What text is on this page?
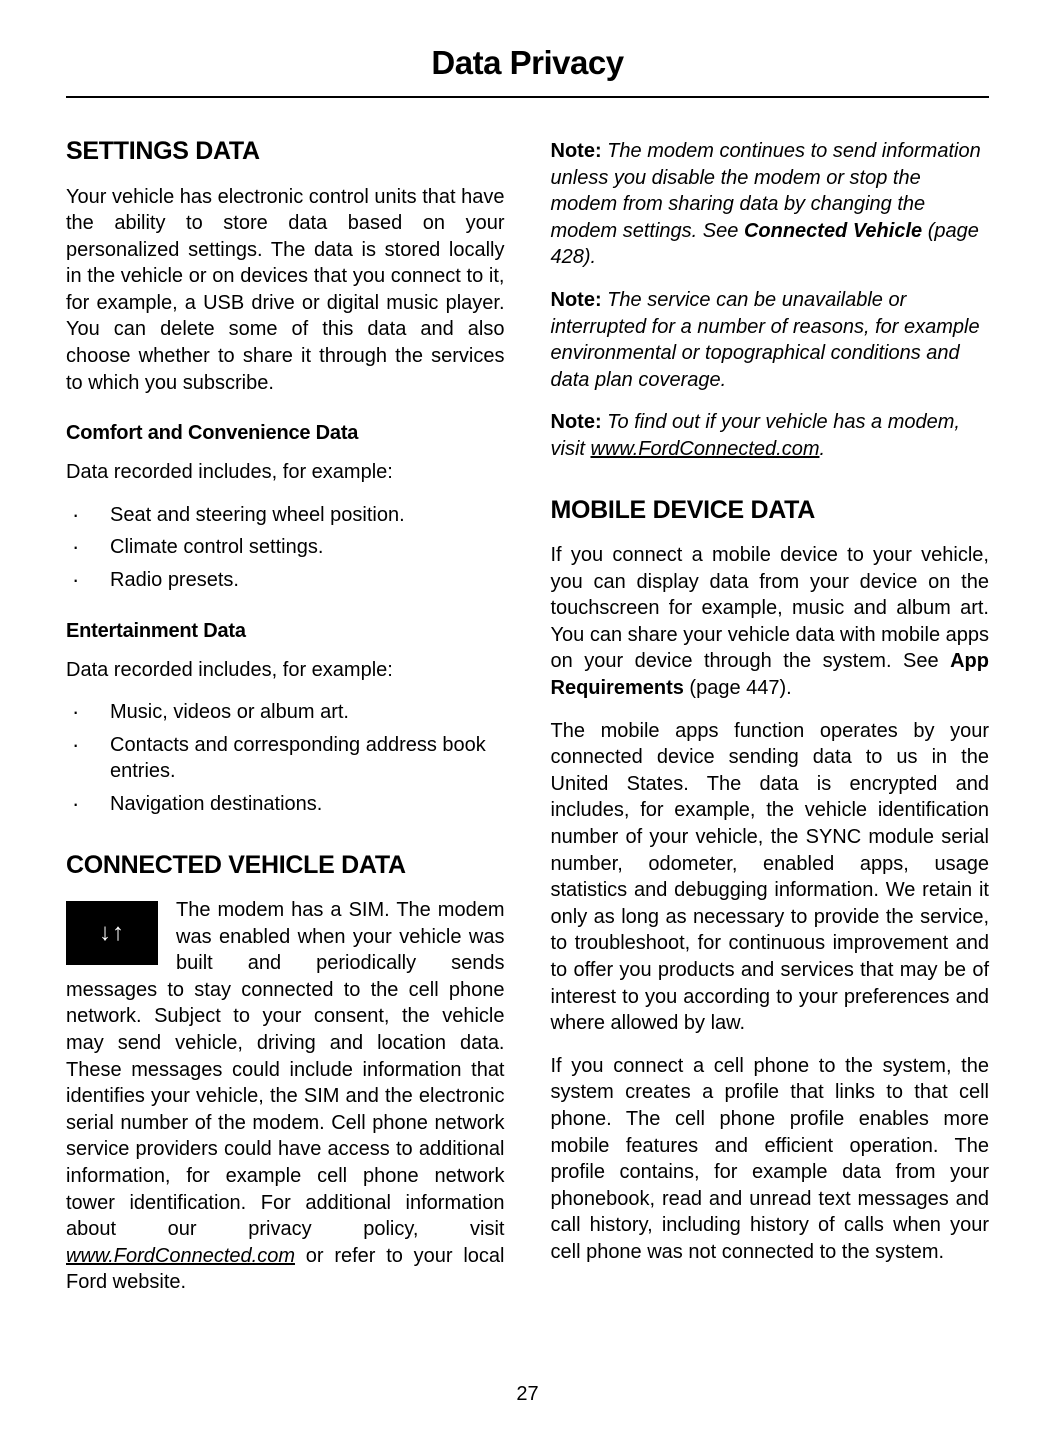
Data Privacy
SETTINGS DATA

Your vehicle has electronic control units that have the ability to store data based on your personalized settings. The data is stored locally in the vehicle or on devices that you connect to it, for example, a USB drive or digital music player. You can delete some of this data and also choose whether to share it through the services to which you subscribe.

Comfort and Convenience Data

Data recorded includes, for example:

· Seat and steering wheel position.
· Climate control settings.
· Radio presets.
Entertainment Data

Data recorded includes, for example:

· Music, videos or album art.
· Contacts and corresponding address book entries.
· Navigation destinations.
CONNECTED VEHICLE DATA
↓↑

The modem has a SIM. The modem was enabled when your vehicle was built and periodically sends messages to stay connected to the cell phone network. Subject to your consent, the vehicle may send vehicle, driving and location data. These messages could include information that identifies your vehicle, the SIM and the electronic serial number of the modem. Cell phone network service providers could have access to additional information, for example cell phone network tower identification. For additional information about our privacy policy, visit www.FordConnected.com or refer to your local Ford website.

Note: The modem continues to send information unless you disable the modem or stop the modem from sharing data by changing the modem settings. See Connected Vehicle (page 428).

Note: The service can be unavailable or interrupted for a number of reasons, for example environmental or topographical conditions and data plan coverage.

Note: To find out if your vehicle has a modem, visit www.FordConnected.com.

MOBILE DEVICE DATA

If you connect a mobile device to your vehicle, you can display data from your device on the touchscreen for example, music and album art. You can share your vehicle data with mobile apps on your device through the system. See App Requirements (page 447).

The mobile apps function operates by your connected device sending data to us in the United States. The data is encrypted and includes, for example, the vehicle identification number of your vehicle, the SYNC module serial number, odometer, enabled apps, usage statistics and debugging information. We retain it only as long as necessary to provide the service, to troubleshoot, for continuous improvement and to offer you products and services that may be of interest to you according to your preferences and where allowed by law.

If you connect a cell phone to the system, the system creates a profile that links to that cell phone. The cell phone profile enables more mobile features and efficient operation. The profile contains, for example data from your phonebook, read and unread text messages and call history, including history of calls when your cell phone was not connected to the system.

27
